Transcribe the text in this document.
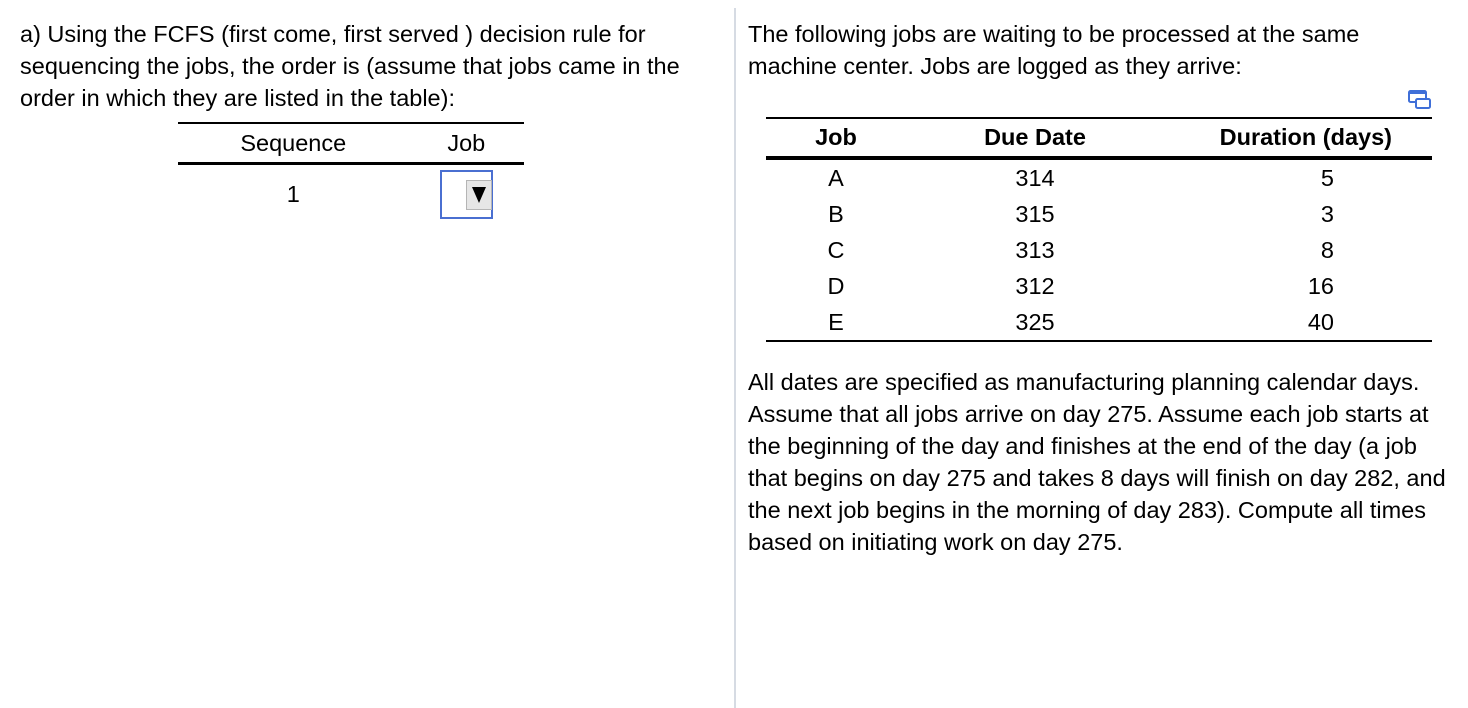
a) Using the FCFS (first come, first served ) decision rule for sequencing the jobs, the order is (assume that jobs came in the order in which they are listed in the table):

Sequence	Job
1	

The following jobs are waiting to be processed at the same machine center. Jobs are logged as they arrive:

Job	Due Date	Duration (days)
A	314	5
B	315	3
C	313	8
D	312	16
E	325	40

All dates are specified as manufacturing planning calendar days. Assume that all jobs arrive on day 275. Assume each job starts at the beginning of the day and finishes at the end of the day (a job that begins on day 275 and takes 8 days will finish on day 282, and the next job begins in the morning of day 283). Compute all times based on initiating work on day 275.
